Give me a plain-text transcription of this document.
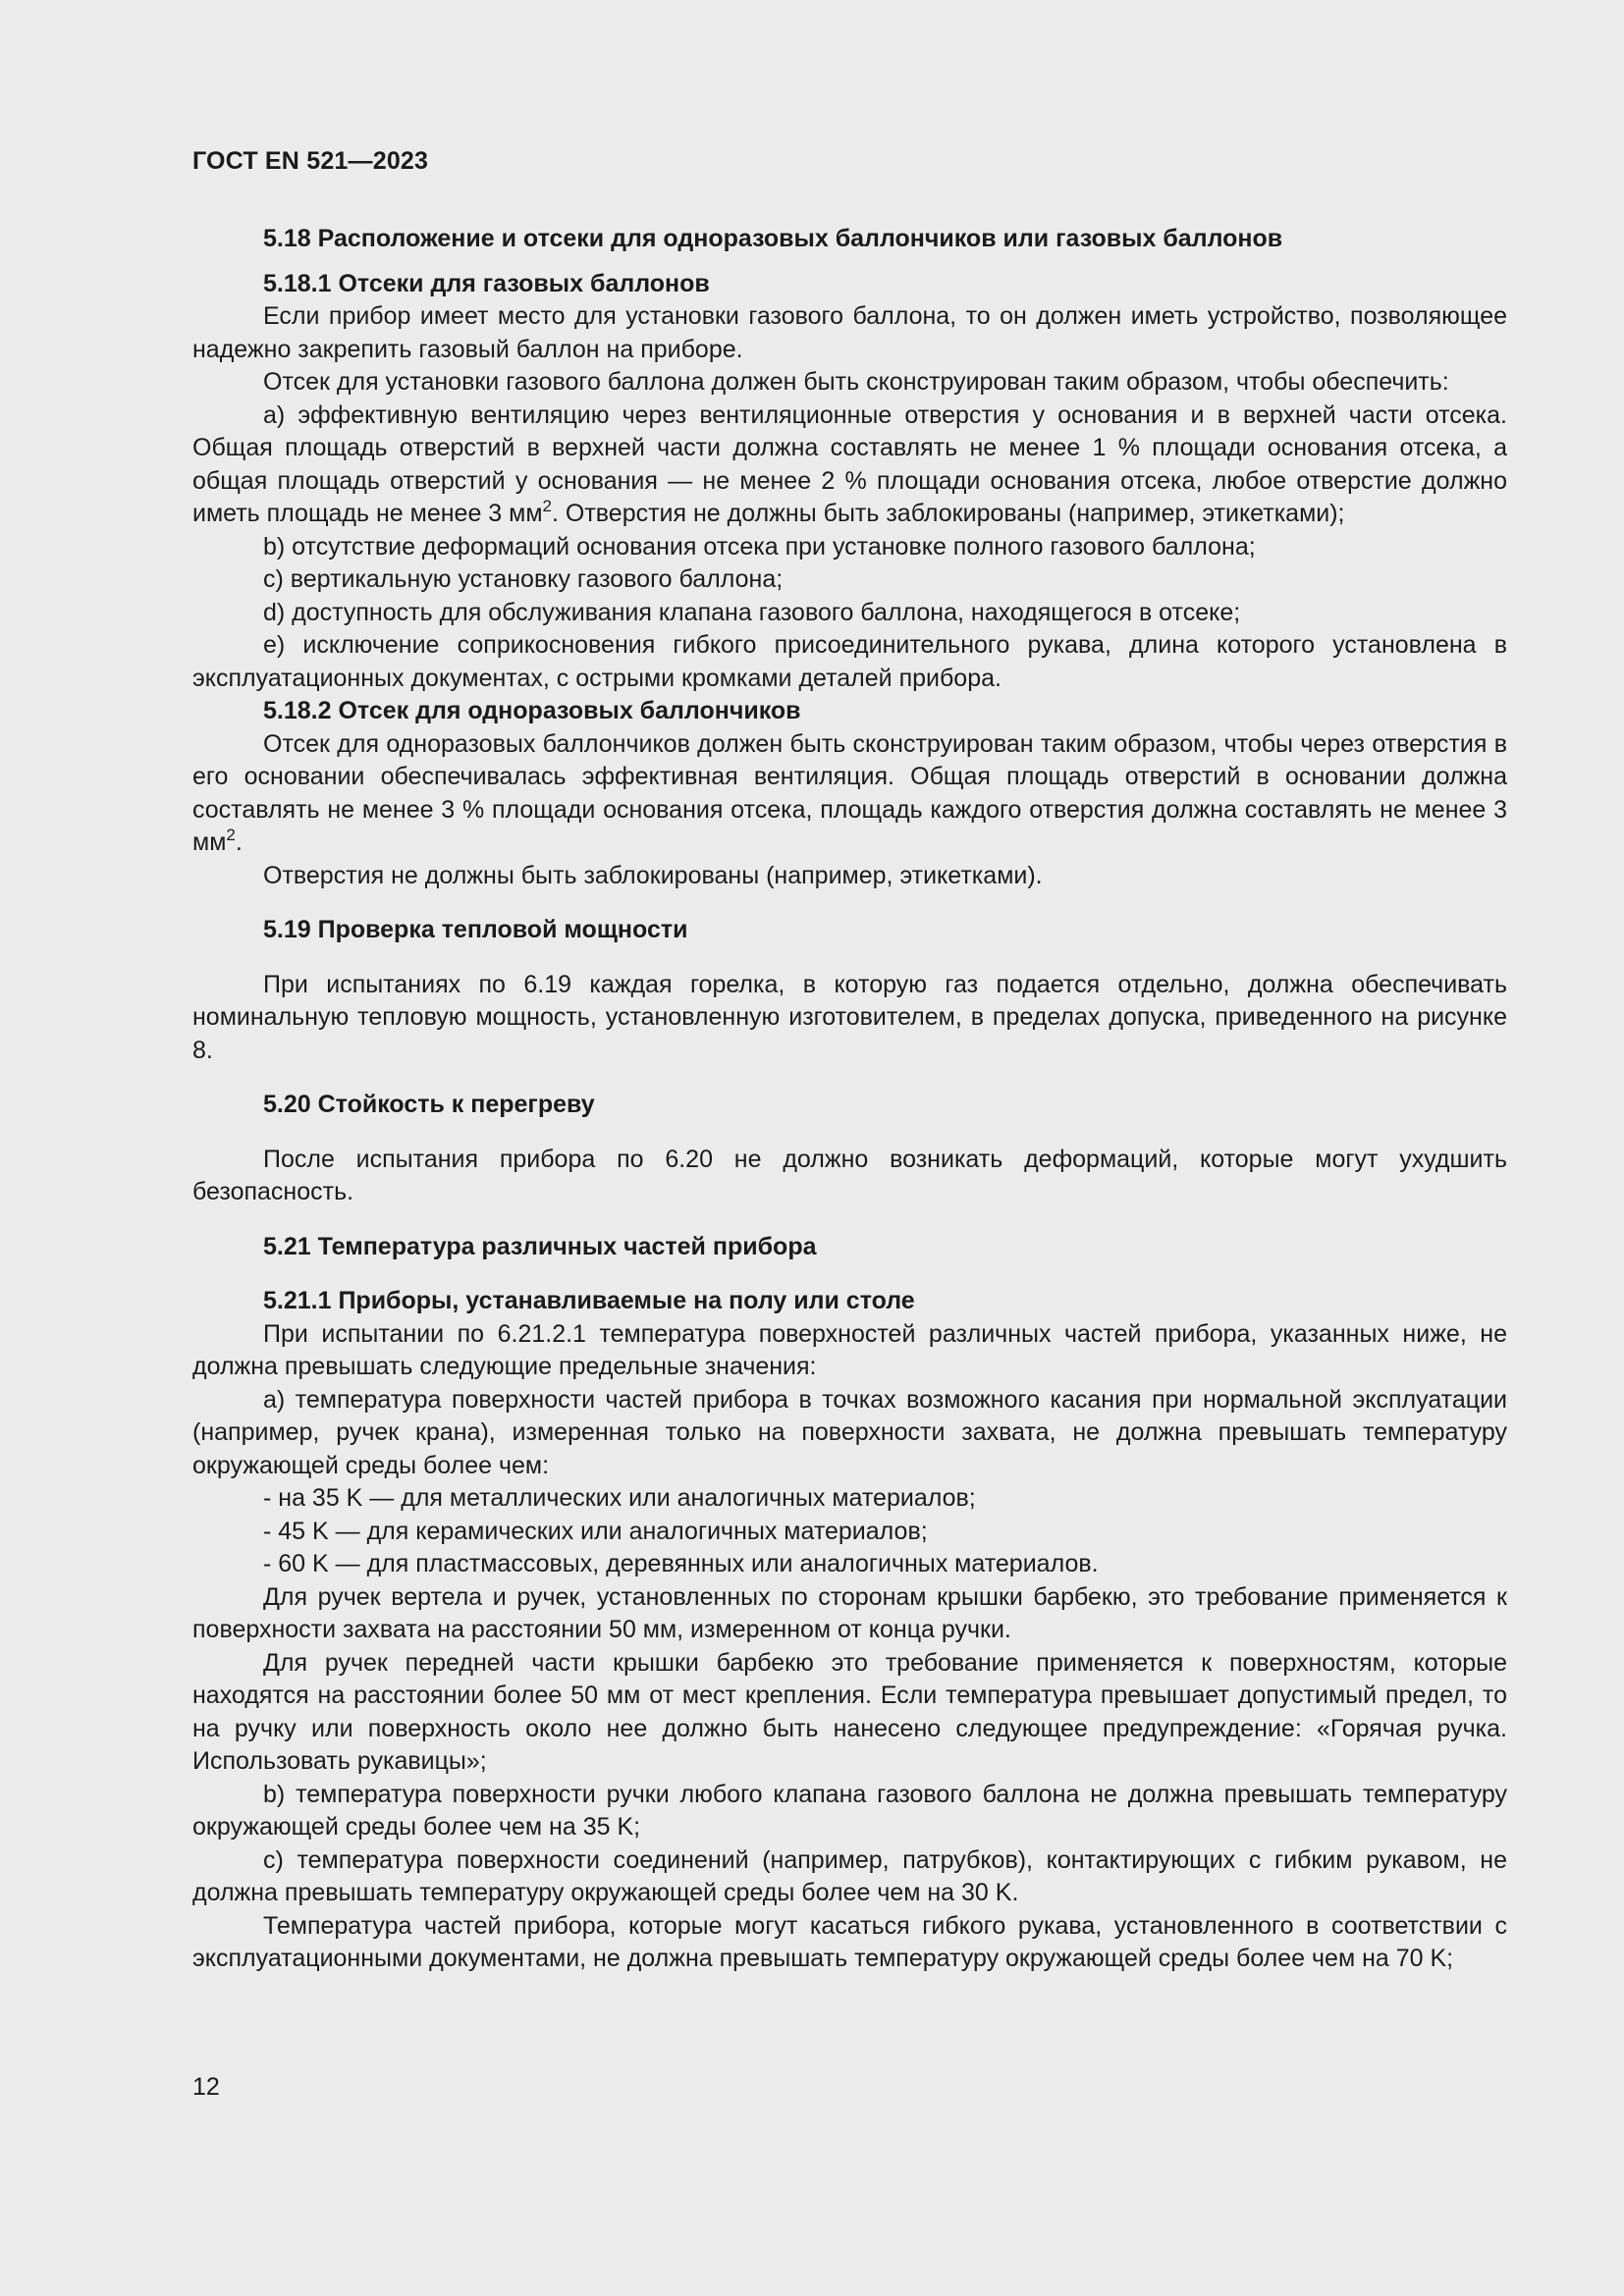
ГОСТ EN 521—2023

5.18 Расположение и отсеки для одноразовых баллончиков или газовых баллонов

5.18.1 Отсеки для газовых баллонов

Если прибор имеет место для установки газового баллона, то он должен иметь устройство, позволяющее надежно закрепить газовый баллон на приборе.

Отсек для установки газового баллона должен быть сконструирован таким образом, чтобы обеспечить:

a) эффективную вентиляцию через вентиляционные отверстия у основания и в верхней части отсека. Общая площадь отверстий в верхней части должна составлять не менее 1 % площади основания отсека, а общая площадь отверстий у основания — не менее 2 % площади основания отсека, любое отверстие должно иметь площадь не менее 3 $мм^2$. Отверстия не должны быть заблокированы (например, этикетками);

b) отсутствие деформаций основания отсека при установке полного газового баллона;

c) вертикальную установку газового баллона;

d) доступность для обслуживания клапана газового баллона, находящегося в отсеке;

e) исключение соприкосновения гибкого присоединительного рукава, длина которого установлена в эксплуатационных документах, с острыми кромками деталей прибора.

5.18.2 Отсек для одноразовых баллончиков

Отсек для одноразовых баллончиков должен быть сконструирован таким образом, чтобы через отверстия в его основании обеспечивалась эффективная вентиляция. Общая площадь отверстий в основании должна составлять не менее 3 % площади основания отсека, площадь каждого отверстия должна составлять не менее 3 $мм^2$.

Отверстия не должны быть заблокированы (например, этикетками).

5.19 Проверка тепловой мощности

При испытаниях по 6.19 каждая горелка, в которую газ подается отдельно, должна обеспечивать номинальную тепловую мощность, установленную изготовителем, в пределах допуска, приведенного на рисунке 8.

5.20 Стойкость к перегреву

После испытания прибора по 6.20 не должно возникать деформаций, которые могут ухудшить безопасность.

5.21 Температура различных частей прибора

5.21.1 Приборы, устанавливаемые на полу или столе

При испытании по 6.21.2.1 температура поверхностей различных частей прибора, указанных ниже, не должна превышать следующие предельные значения:

a) температура поверхности частей прибора в точках возможного касания при нормальной эксплуатации (например, ручек крана), измеренная только на поверхности захвата, не должна превышать температуру окружающей среды более чем:

- на 35 K — для металлических или аналогичных материалов;

- 45 K — для керамических или аналогичных материалов;

- 60 K — для пластмассовых, деревянных или аналогичных материалов.

Для ручек вертела и ручек, установленных по сторонам крышки барбекю, это требование применяется к поверхности захвата на расстоянии 50 мм, измеренном от конца ручки.

Для ручек передней части крышки барбекю это требование применяется к поверхностям, которые находятся на расстоянии более 50 мм от мест крепления. Если температура превышает допустимый предел, то на ручку или поверхность около нее должно быть нанесено следующее предупреждение: «Горячая ручка. Использовать рукавицы»;

b) температура поверхности ручки любого клапана газового баллона не должна превышать температуру окружающей среды более чем на 35 K;

c) температура поверхности соединений (например, патрубков), контактирующих с гибким рукавом, не должна превышать температуру окружающей среды более чем на 30 K.

Температура частей прибора, которые могут касаться гибкого рукава, установленного в соответствии с эксплуатационными документами, не должна превышать температуру окружающей среды более чем на 70 K;

12
